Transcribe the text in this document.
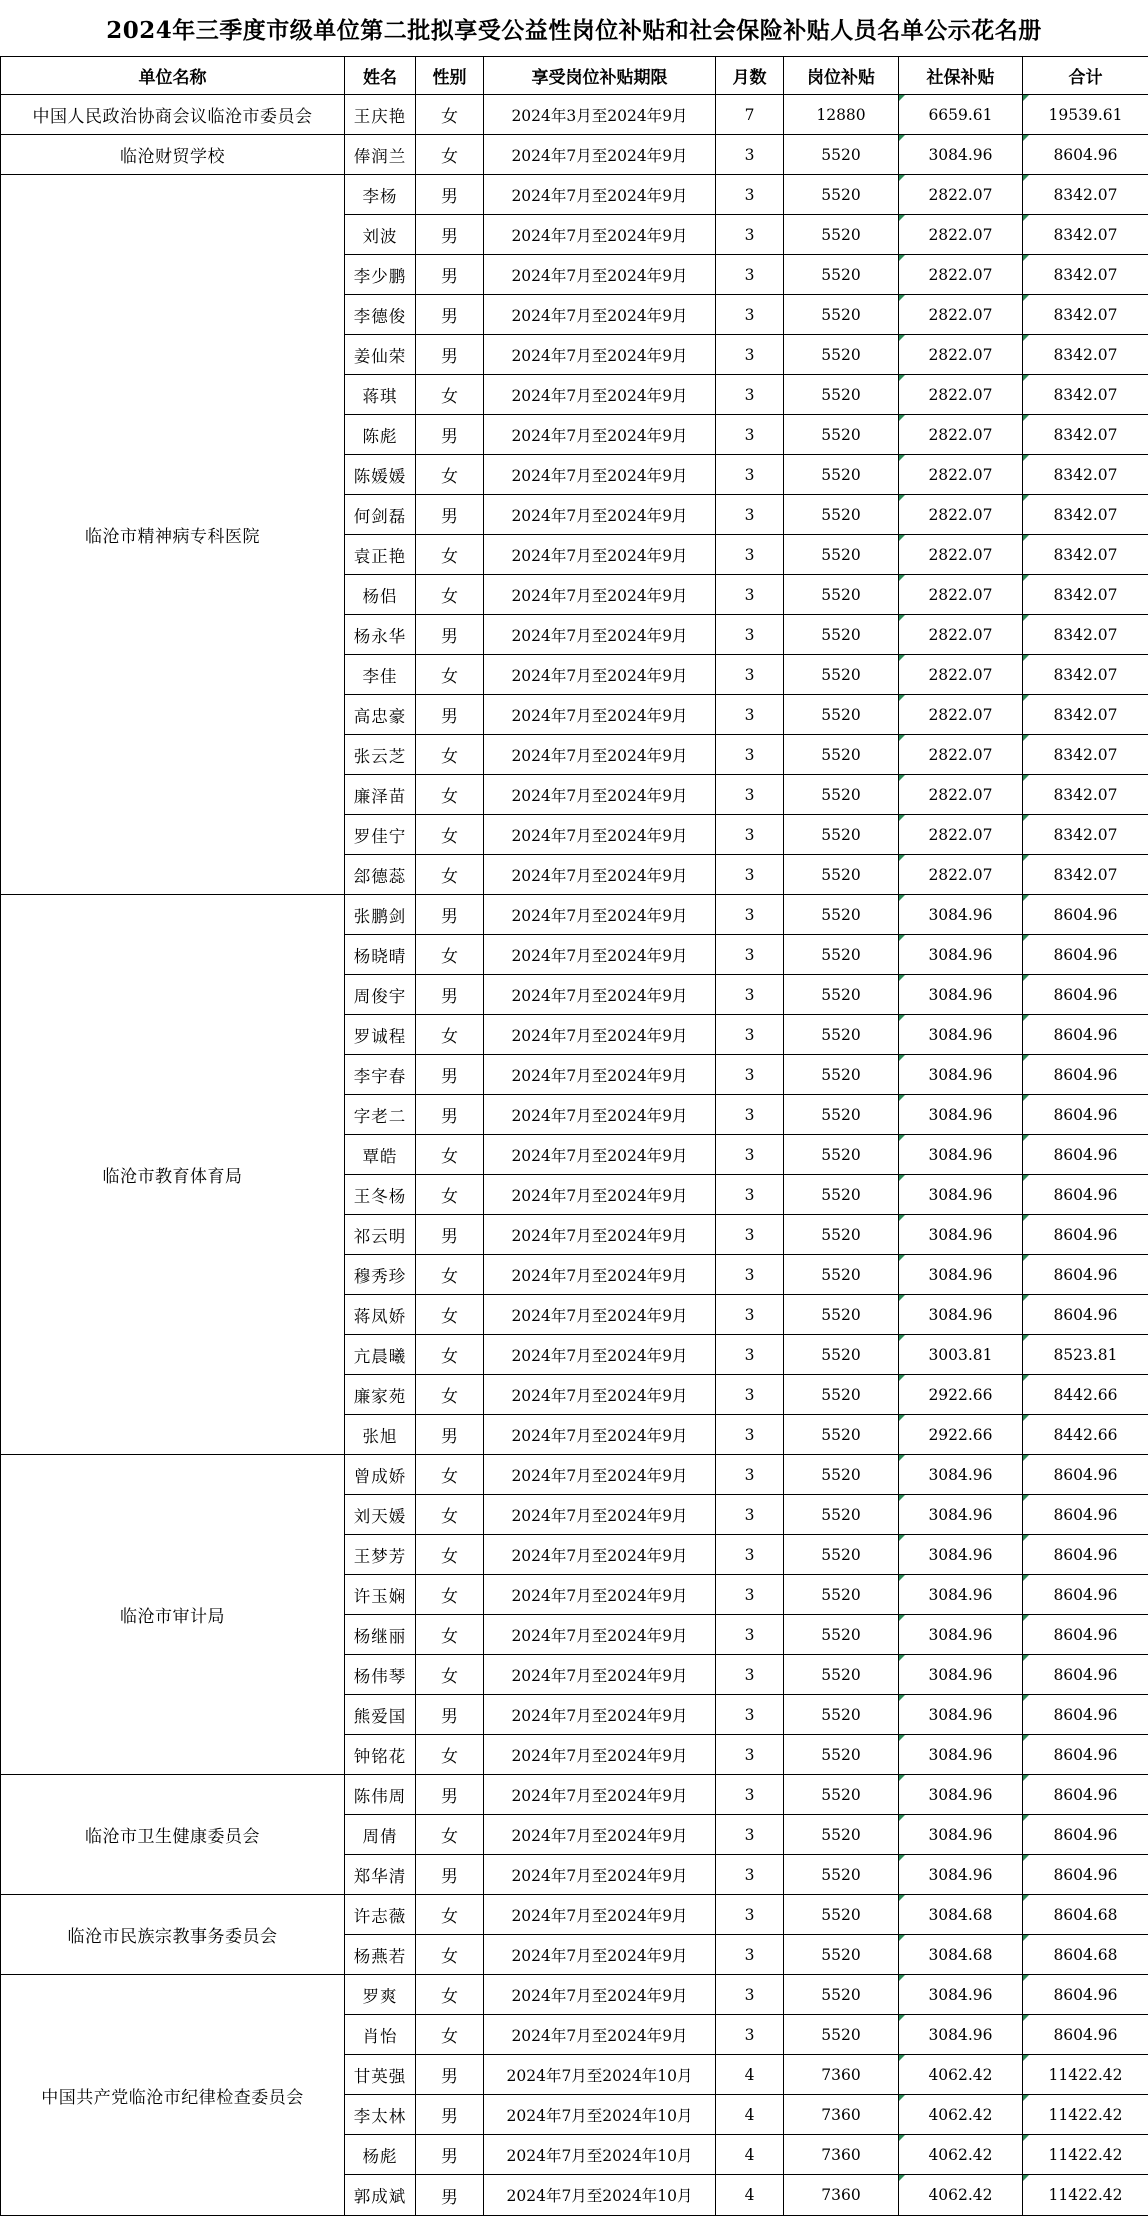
2024年三季度市级单位第二批拟享受公益性岗位补贴和社会保险补贴人员名单公示花名册
单位名称	姓名	性别	享受岗位补贴期限	月数	岗位补贴	社保补贴	合计
中国人民政治协商会议临沧市委员会	王庆艳	女	2024年3月至2024年9月	7	12880	6659.61	19539.61
临沧财贸学校	俸润兰	女	2024年7月至2024年9月	3	5520	3084.96	8604.96
临沧市精神病专科医院	李杨	男	2024年7月至2024年9月	3	5520	2822.07	8342.07
	刘波	男	2024年7月至2024年9月	3	5520	2822.07	8342.07
	李少鹏	男	2024年7月至2024年9月	3	5520	2822.07	8342.07
	李德俊	男	2024年7月至2024年9月	3	5520	2822.07	8342.07
	姜仙荣	男	2024年7月至2024年9月	3	5520	2822.07	8342.07
	蒋琪	女	2024年7月至2024年9月	3	5520	2822.07	8342.07
	陈彪	男	2024年7月至2024年9月	3	5520	2822.07	8342.07
	陈媛媛	女	2024年7月至2024年9月	3	5520	2822.07	8342.07
	何剑磊	男	2024年7月至2024年9月	3	5520	2822.07	8342.07
	袁正艳	女	2024年7月至2024年9月	3	5520	2822.07	8342.07
	杨侣	女	2024年7月至2024年9月	3	5520	2822.07	8342.07
	杨永华	男	2024年7月至2024年9月	3	5520	2822.07	8342.07
	李佳	女	2024年7月至2024年9月	3	5520	2822.07	8342.07
	高忠豪	男	2024年7月至2024年9月	3	5520	2822.07	8342.07
	张云芝	女	2024年7月至2024年9月	3	5520	2822.07	8342.07
	廉泽苗	女	2024年7月至2024年9月	3	5520	2822.07	8342.07
	罗佳宁	女	2024年7月至2024年9月	3	5520	2822.07	8342.07
	郐德蕊	女	2024年7月至2024年9月	3	5520	2822.07	8342.07
临沧市教育体育局	张鹏剑	男	2024年7月至2024年9月	3	5520	3084.96	8604.96
	杨晓晴	女	2024年7月至2024年9月	3	5520	3084.96	8604.96
	周俊宇	男	2024年7月至2024年9月	3	5520	3084.96	8604.96
	罗诚程	女	2024年7月至2024年9月	3	5520	3084.96	8604.96
	李宇春	男	2024年7月至2024年9月	3	5520	3084.96	8604.96
	字老二	男	2024年7月至2024年9月	3	5520	3084.96	8604.96
	覃皓	女	2024年7月至2024年9月	3	5520	3084.96	8604.96
	王冬杨	女	2024年7月至2024年9月	3	5520	3084.96	8604.96
	祁云明	男	2024年7月至2024年9月	3	5520	3084.96	8604.96
	穆秀珍	女	2024年7月至2024年9月	3	5520	3084.96	8604.96
	蒋凤娇	女	2024年7月至2024年9月	3	5520	3084.96	8604.96
	亢晨曦	女	2024年7月至2024年9月	3	5520	3003.81	8523.81
	廉家苑	女	2024年7月至2024年9月	3	5520	2922.66	8442.66
	张旭	男	2024年7月至2024年9月	3	5520	2922.66	8442.66
临沧市审计局	曾成娇	女	2024年7月至2024年9月	3	5520	3084.96	8604.96
	刘天媛	女	2024年7月至2024年9月	3	5520	3084.96	8604.96
	王梦芳	女	2024年7月至2024年9月	3	5520	3084.96	8604.96
	许玉娴	女	2024年7月至2024年9月	3	5520	3084.96	8604.96
	杨继丽	女	2024年7月至2024年9月	3	5520	3084.96	8604.96
	杨伟琴	女	2024年7月至2024年9月	3	5520	3084.96	8604.96
	熊爱国	男	2024年7月至2024年9月	3	5520	3084.96	8604.96
	钟铭花	女	2024年7月至2024年9月	3	5520	3084.96	8604.96
临沧市卫生健康委员会	陈伟周	男	2024年7月至2024年9月	3	5520	3084.96	8604.96
	周倩	女	2024年7月至2024年9月	3	5520	3084.96	8604.96
	郑华清	男	2024年7月至2024年9月	3	5520	3084.96	8604.96
临沧市民族宗教事务委员会	许志薇	女	2024年7月至2024年9月	3	5520	3084.68	8604.68
	杨燕若	女	2024年7月至2024年9月	3	5520	3084.68	8604.68
中国共产党临沧市纪律检查委员会	罗爽	女	2024年7月至2024年9月	3	5520	3084.96	8604.96
	肖怡	女	2024年7月至2024年9月	3	5520	3084.96	8604.96
	甘英强	男	2024年7月至2024年10月	4	7360	4062.42	11422.42
	李太林	男	2024年7月至2024年10月	4	7360	4062.42	11422.42
	杨彪	男	2024年7月至2024年10月	4	7360	4062.42	11422.42
	郭成斌	男	2024年7月至2024年10月	4	7360	4062.42	11422.42
